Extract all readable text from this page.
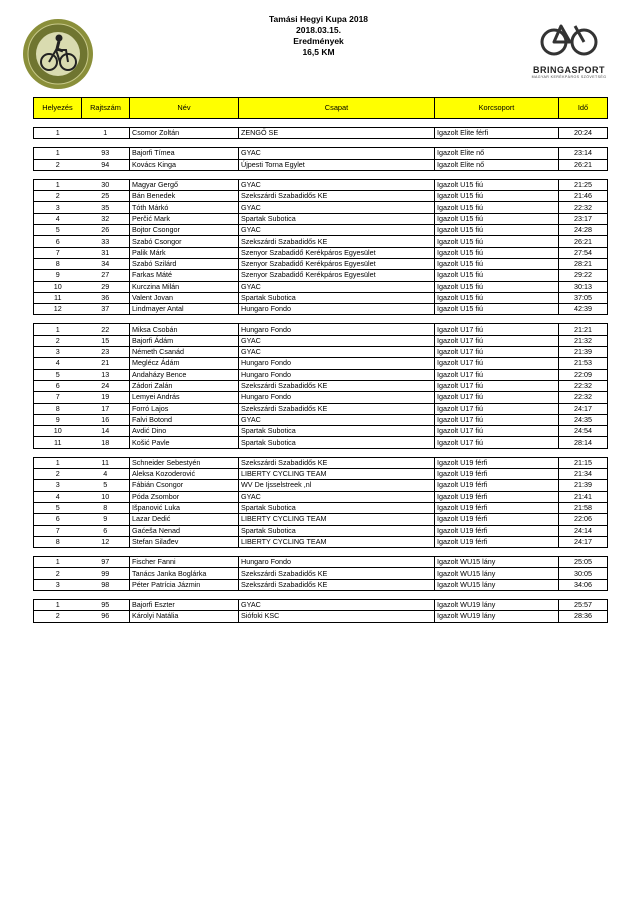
Tamási Hegyi Kupa 2018
2018.03.15.
Eredmények
16,5 KM
BRINGASPORT
MAGYAR KERÉKPÁROS SZÖVETSÉG
Helyezés	Rajtszám	Név	Csapat	Korcsoport	Idő

1	1	Csomor Zoltán	ZENGŐ SE	Igazolt Elite férfi	20:24

1	93	Bajorfi Tímea	GYAC	Igazolt Elite nő	23:14
2	94	Kovács Kinga	Újpesti Torna Egylet	Igazolt Elite nő	26:21

1	30	Magyar Gergő	GYAC	Igazolt U15 fiú	21:25
2	25	Bán Benedek	Szekszárdi Szabadidős KE	Igazolt U15 fiú	21:46
3	35	Tóth Márkó	GYAC	Igazolt U15 fiú	22:32
4	32	Perčić Mark	Spartak Subotica	Igazolt U15 fiú	23:17
5	26	Bojtor Csongor	GYAC	Igazolt U15 fiú	24:28
6	33	Szabó Csongor	Szekszárdi Szabadidős KE	Igazolt U15 fiú	26:21
7	31	Palik Márk	Szenyor Szabadidő Kerékpáros Egyesület	Igazolt U15 fiú	27:54
8	34	Szabó Szilárd	Szenyor Szabadidő Kerékpáros Egyesület	Igazolt U15 fiú	28:21
9	27	Farkas Máté	Szenyor Szabadidő Kerékpáros Egyesület	Igazolt U15 fiú	29:22
10	29	Kurczina Milán	GYAC	Igazolt U15 fiú	30:13
11	36	Valent Jovan	Spartak Subotica	Igazolt U15 fiú	37:05
12	37	Lindmayer Antal	Hungaro Fondo	Igazolt U15 fiú	42:39

1	22	Miksa Csobán	Hungaro Fondo	Igazolt U17 fiú	21:21
2	15	Bajorfi Ádám	GYAC	Igazolt U17 fiú	21:32
3	23	Németh Csanád	GYAC	Igazolt U17 fiú	21:39
4	21	Meglécz Ádám	Hungaro Fondo	Igazolt U17 fiú	21:53
5	13	Andaházy Bence	Hungaro Fondo	Igazolt U17 fiú	22:09
6	24	Zádori Zalán	Szekszárdi Szabadidős KE	Igazolt U17 fiú	22:32
7	19	Lemyei András	Hungaro Fondo	Igazolt U17 fiú	22:32
8	17	Forró Lajos	Szekszárdi Szabadidős KE	Igazolt U17 fiú	24:17
9	16	Falvi Botond	GYAC	Igazolt U17 fiú	24:35
10	14	Avdić Dino	Spartak Subotica	Igazolt U17 fiú	24:54
11	18	Košić Pavle	Spartak Subotica	Igazolt U17 fiú	28:14

1	11	Schneider Sebestyén	Szekszárdi Szabadidős KE	Igazolt U19 férfi	21:15
2	4	Aleksa Kozoderović	LIBERTY CYCLING TEAM	Igazolt U19 férfi	21:34
3	5	Fábián Csongor	WV De Ijsselstreek ,nl	Igazolt U19 férfi	21:39
4	10	Póda Zsombor	GYAC	Igazolt U19 férfi	21:41
5	8	Išpanović Luka	Spartak Subotica	Igazolt U19 férfi	21:58
6	9	Lazar Dedić	LIBERTY CYCLING TEAM	Igazolt U19 férfi	22:06
7	6	Gaćeša Nenad	Spartak Subotica	Igazolt U19 férfi	24:14
8	12	Stefan Silađev	LIBERTY CYCLING TEAM	Igazolt U19 férfi	24:17

1	97	Fischer Fanni	Hungaro Fondo	Igazolt WU15 lány	25:05
2	99	Tanács Janka Boglárka	Szekszárdi Szabadidős KE	Igazolt WU15 lány	30:05
3	98	Péter Patrícia Jázmin	Szekszárdi Szabadidős KE	Igazolt WU15 lány	34:06

1	95	Bajorfi Eszter	GYAC	Igazolt WU19 lány	25:57
2	96	Károlyi Natália	Siófoki KSC	Igazolt WU19 lány	28:36
